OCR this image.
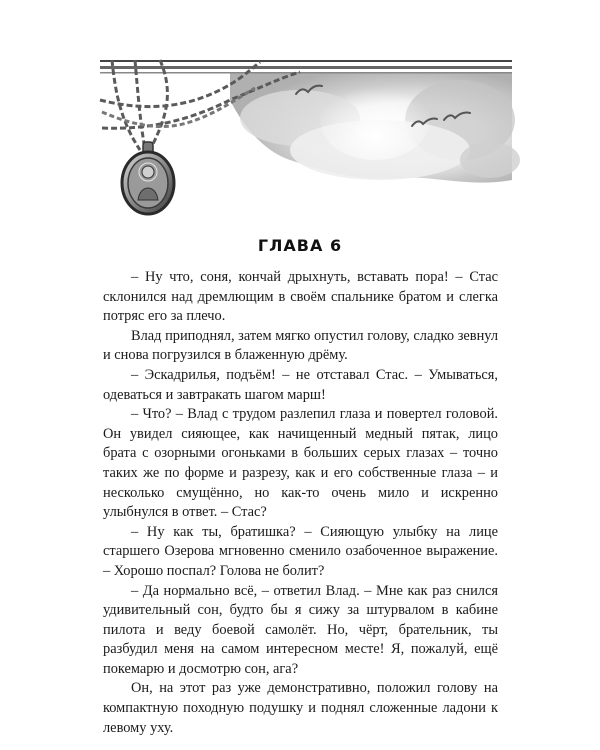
ГЛАВА 6

– Ну что, соня, кончай дрыхнуть, вставать пора! – Стас склонился над дремлющим в своём спальнике братом и слегка потряс его за плечо.

Влад приподнял, затем мягко опустил голову, сладко зевнул и снова погрузился в блаженную дрёму.

– Эскадрилья, подъём! – не отставал Стас. – Умываться, одеваться и завтракать шагом марш!

– Что? – Влад с трудом разлепил глаза и повертел головой. Он увидел сияющее, как начищенный медный пятак, лицо брата с озорными огоньками в больших серых глазах – точно таких же по форме и разрезу, как и его собственные глаза – и несколько смущённо, но как-то очень мило и искренно улыбнулся в ответ. – Стас?

– Ну как ты, братишка? – Сияющую улыбку на лице старшего Озерова мгновенно сменило озабоченное выражение. – Хорошо поспал? Голова не болит?

– Да нормально всё, – ответил Влад. – Мне как раз снился удивительный сон, будто бы я сижу за штурвалом в кабине пилота и веду боевой самолёт. Но, чёрт, брательник, ты разбудил меня на самом интересном месте! Я, пожалуй, ещё покемарю и досмотрю сон, ага?

Он, на этот раз уже демонстративно, положил голову на компактную походную подушку и поднял сложенные ладони к левому уху.
